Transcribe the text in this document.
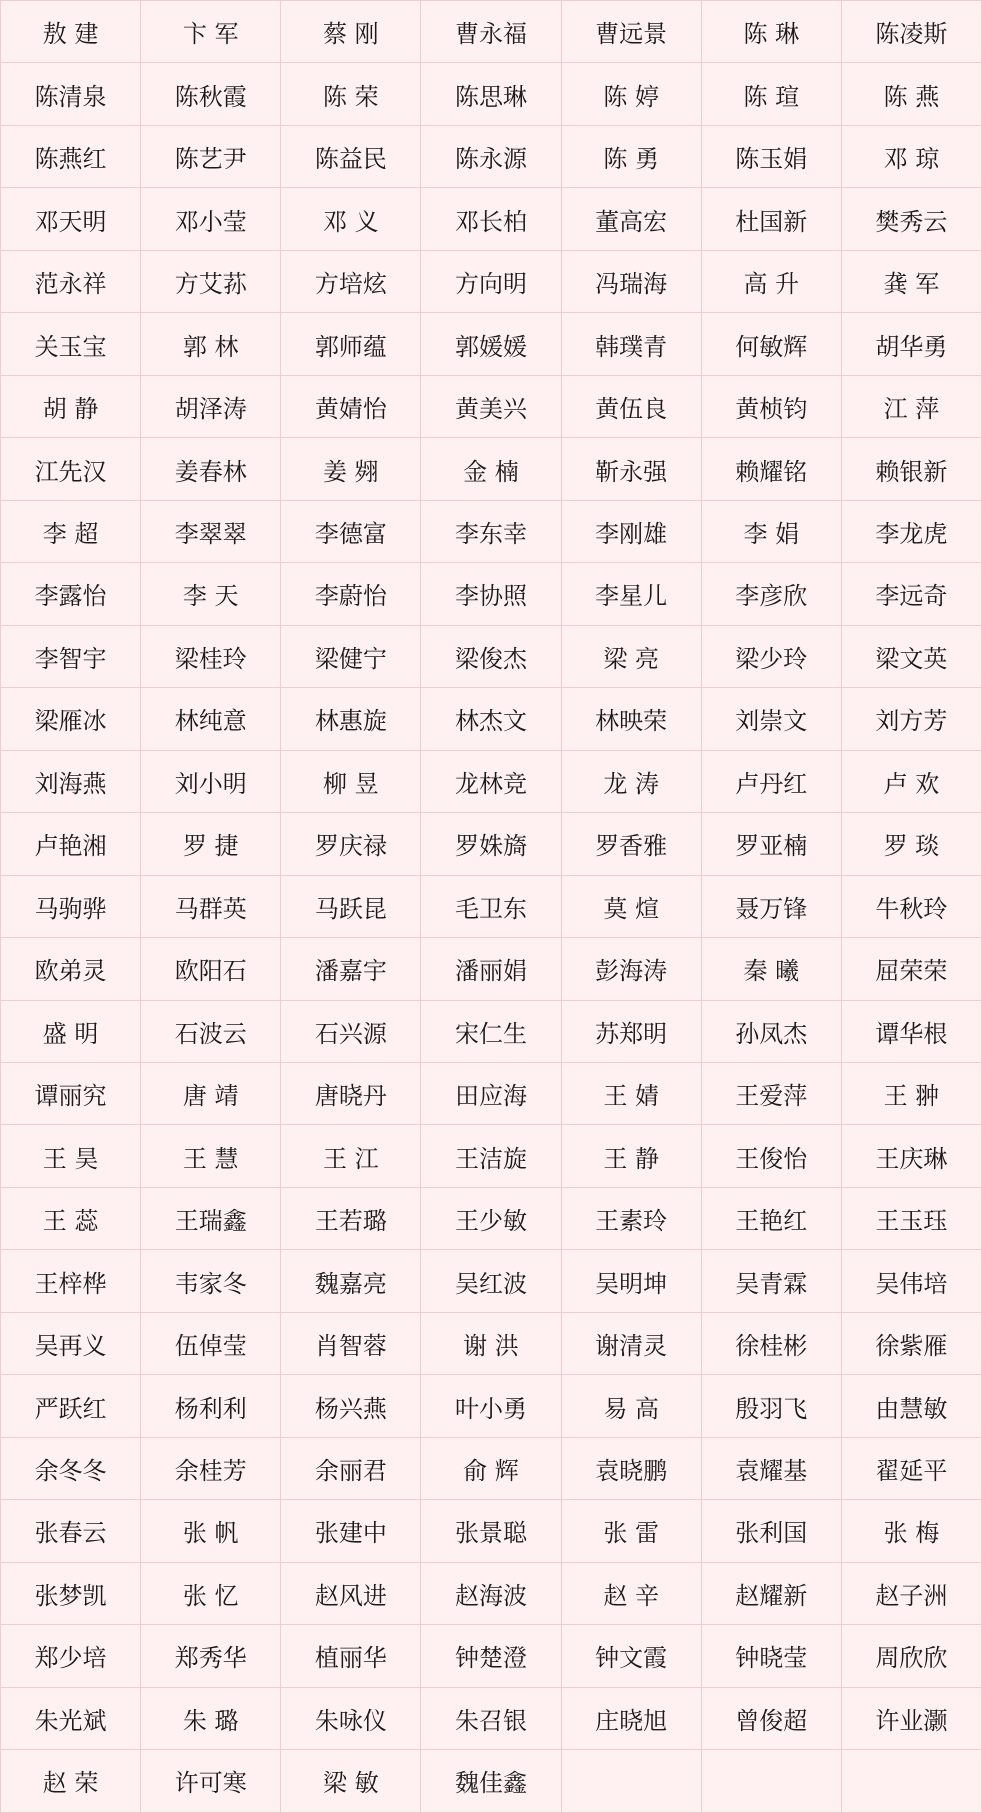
敖 建	卞 军	蔡 刚	曹永福	曹远景	陈 琳	陈凌斯
陈清泉	陈秋霞	陈 荣	陈思琳	陈 婷	陈 瑄	陈 燕
陈燕红	陈艺尹	陈益民	陈永源	陈 勇	陈玉娟	邓 琼
邓天明	邓小莹	邓 义	邓长柏	董高宏	杜国新	樊秀云
范永祥	方艾荪	方培炫	方向明	冯瑞海	高 升	龚 军
关玉宝	郭 林	郭师蕴	郭媛媛	韩璞青	何敏辉	胡华勇
胡 静	胡泽涛	黄婧怡	黄美兴	黄伍良	黄桢钧	江 萍
江先汉	姜春林	姜 翙	金 楠	靳永强	赖耀铭	赖银新
李 超	李翠翠	李德富	李东幸	李刚雄	李 娟	李龙虎
李露怡	李 天	李蔚怡	李协照	李星儿	李彦欣	李远奇
李智宇	梁桂玲	梁健宁	梁俊杰	梁 亮	梁少玲	梁文英
梁雁冰	林纯意	林惠旋	林杰文	林映荣	刘崇文	刘方芳
刘海燕	刘小明	柳 昱	龙林竞	龙 涛	卢丹红	卢 欢
卢艳湘	罗 捷	罗庆禄	罗姝旖	罗香雅	罗亚楠	罗 琰
马驹骅	马群英	马跃昆	毛卫东	莫 煊	聂万锋	牛秋玲
欧弟灵	欧阳石	潘嘉宇	潘丽娟	彭海涛	秦 曦	屈荣荣
盛 明	石波云	石兴源	宋仁生	苏郑明	孙凤杰	谭华根
谭丽究	唐 靖	唐晓丹	田应海	王 婧	王爱萍	王 翀
王 昊	王 慧	王 江	王洁旋	王 静	王俊怡	王庆琳
王 蕊	王瑞鑫	王若璐	王少敏	王素玲	王艳红	王玉珏
王梓桦	韦家冬	魏嘉亮	吴红波	吴明坤	吴青霖	吴伟培
吴再义	伍倬莹	肖智蓉	谢 洪	谢清灵	徐桂彬	徐紫雁
严跃红	杨利利	杨兴燕	叶小勇	易 高	殷羽飞	由慧敏
余冬冬	余桂芳	余丽君	俞 辉	袁晓鹏	袁耀基	翟延平
张春云	张 帆	张建中	张景聪	张 雷	张利国	张 梅
张梦凯	张 忆	赵风进	赵海波	赵 辛	赵耀新	赵子洲
郑少培	郑秀华	植丽华	钟楚澄	钟文霞	钟晓莹	周欣欣
朱光斌	朱 璐	朱咏仪	朱召银	庄晓旭	曾俊超	许业灏
赵 荣	许可寒	梁 敏	魏佳鑫			
